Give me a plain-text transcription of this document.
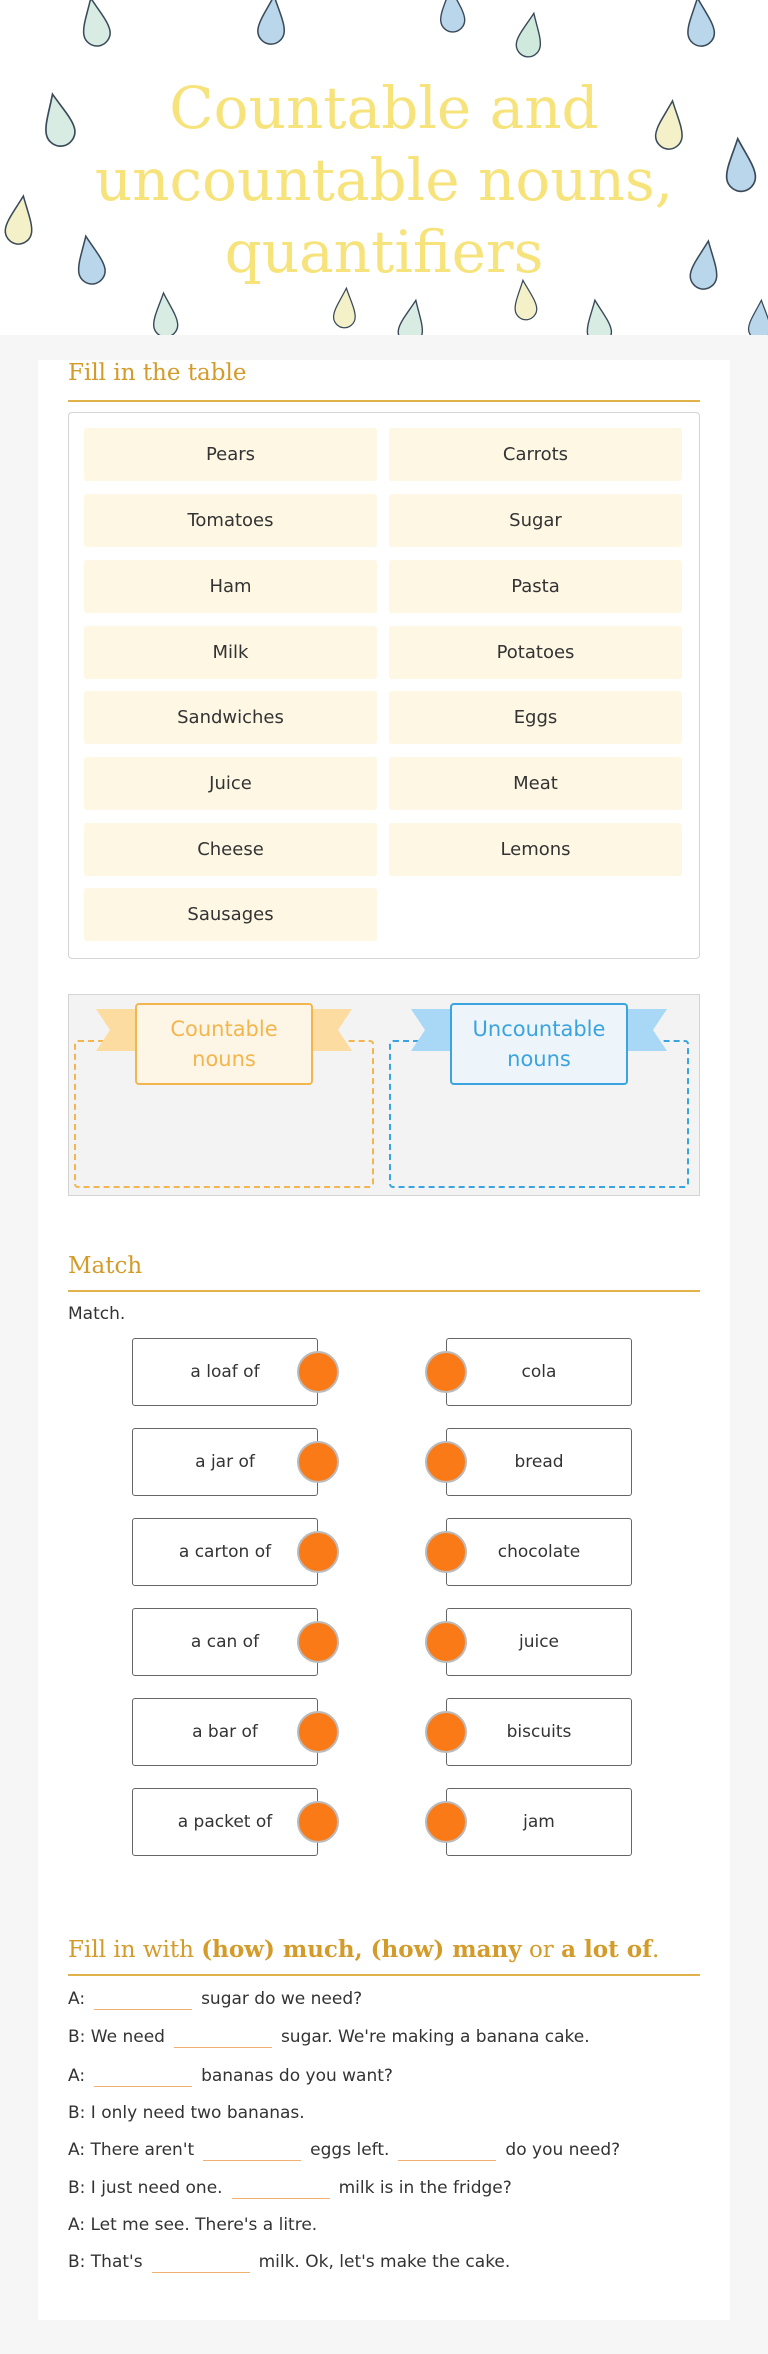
Countable and uncountable nouns, quantifiers
Fill in the table
Pears	Carrots
Tomatoes	Sugar
Ham	Pasta
Milk	Potatoes
Sandwiches	Eggs
Juice	Meat
Cheese	Lemons
Sausages
Countable nouns
Uncountable nouns
Match

Match.

a loaf of
a jar of
a carton of
a can of
a bar of
a packet of
cola
bread
chocolate
juice
biscuits
jam
Fill in with (how) much, (how) many or a lot of.
A:	sugar do we need?
B: We need	sugar. We're making a banana cake.
A:	bananas do you want?
B: I only need two bananas.
A: There aren't	eggs left.	do you need?
B: I just need one.	milk is in the fridge?
A: Let me see. There's a litre.
B: That's	milk. Ok, let's make the cake.
